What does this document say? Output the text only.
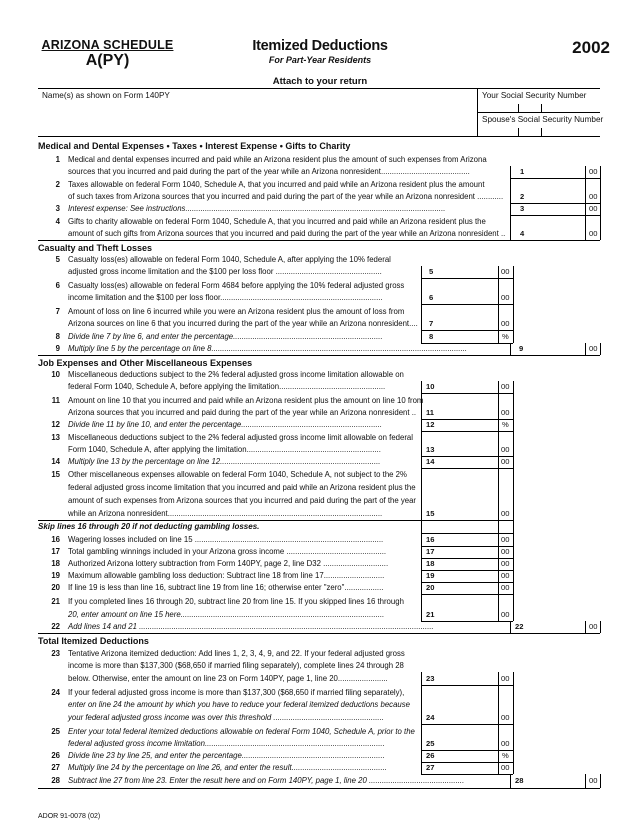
ARIZONA SCHEDULE
A(PY)
Itemized Deductions
For Part-Year Residents
2002
Attach to your return
Name(s) as shown on Form 140PY	Your Social Security Number
Spouse's Social Security Number
Medical and Dental Expenses • Taxes • Interest Expense • Gifts to Charity
1 Medical and dental expenses incurred and paid while an Arizona resident plus the amount of such expenses from Arizona
sources that you incurred and paid during the part of the year while an Arizona nonresident.........................................	1	00
2 Taxes allowable on federal Form 1040, Schedule A, that you incurred and paid while an Arizona resident plus the amount
of such taxes from Arizona sources that you incurred and paid during the part of the year while an Arizona nonresident ............ 2	00
3 Interest expense: See instructions........................................................................................................................	3	00
4 Gifts to charity allowable on federal Form 1040, Schedule A, that you incurred and paid while an Arizona resident plus the
amount of such gifts from Arizona sources that you incurred and paid during the part of the year while an Arizona nonresident .. 4	00
Casualty and Theft Losses
5 Casualty loss(es) allowable on federal Form 1040, Schedule A, after applying the 10% federal
adjusted gross income limitation and the $100 per loss floor .................................................	5	00
6 Casualty loss(es) allowable on federal Form 4684 before applying the 10% federal adjusted gross
income limitation and the $100 per loss floor...........................................................................	6	00
7 Amount of loss on line 6 incurred while you were an Arizona resident plus the amount of loss from
Arizona sources on line 6 that you incurred during the part of the year while an Arizona nonresident.... 7	00
8 Divide line 7 by line 6, and enter the percentage.....................................................................	8	%
9 Multiply line 5 by the percentage on line 8......................................................................................................................	9	00
Job Expenses and Other Miscellaneous Expenses
10 Miscellaneous deductions subject to the 2% federal adjusted gross income limitation allowable on
federal Form 1040, Schedule A, before applying the limitation.................................................	10	00
11 Amount on line 10 that you incurred and paid while an Arizona resident plus the amount on line 10 from
Arizona sources that you incurred and paid during the part of the year while an Arizona nonresident .. 11	00
12 Divide line 11 by line 10, and enter the percentage.................................................................	12	%
13 Miscellaneous deductions subject to the 2% federal adjusted gross income limit allowable on federal
Form 1040, Schedule A, after applying the limitation..............................................................	13	00
14 Multiply line 13 by the percentage on line 12..........................................................................	14	00
15 Other miscellaneous expenses allowable on federal Form 1040, Schedule A, not subject to the 2%
federal adjusted gross income limitation that you incurred and paid while an Arizona resident plus the
amount of such expenses from Arizona sources that you incurred and paid during the part of the year
while an Arizona nonresident...................................................................................................	15	00
Skip lines 16 through 20 if not deducting gambling losses.
16 Wagering losses included on line 15 .......................................................................................	16	00
17 Total gambling winnings included in your Arizona gross income ..............................................	17	00
18 Authorized Arizona lottery subtraction from Form 140PY, page 2, line D32 ..............................	18	00
19 Maximum allowable gambling loss deduction: Subtract line 18 from line 17............................	19	00
20 If line 19 is less than line 16, subtract line 19 from line 16; otherwise enter "zero"..................	20	00
21 If you completed lines 16 through 20, subtract line 20 from line 15. If you skipped lines 16 through
20, enter amount on line 15 here..............................................................................................	21	00
22 Add lines 14 and 21 ........................................................................................................................................	22	00
Total Itemized Deductions
23 Tentative Arizona itemized deduction: Add lines 1, 2, 3, 4, 9, and 22. If your federal adjusted gross
income is more than $137,300 ($68,650 if married filing separately), complete lines 24 through 28
below. Otherwise, enter the amount on line 23 on Form 140PY, page 1, line 20.......................	23	00
24 If your federal adjusted gross income is more than $137,300 ($68,650 if married filing separately),
enter on line 24 the amount by which you have to reduce your federal itemized deductions because
your federal adjusted gross income was over this threshold ...................................................	24	00
25 Enter your total federal itemized deductions allowable on federal Form 1040, Schedule A, prior to the
federal adjusted gross income limitation...................................................................................	25	00
26 Divide line 23 by line 25, and enter the percentage..................................................................	26	%
27 Multiply line 24 by the percentage on line 26, and enter the result............................................	27	00
28 Subtract line 27 from line 23. Enter the result here and on Form 140PY, page 1, line 20 ............................................	28	00
ADOR 91-0078 (02)
